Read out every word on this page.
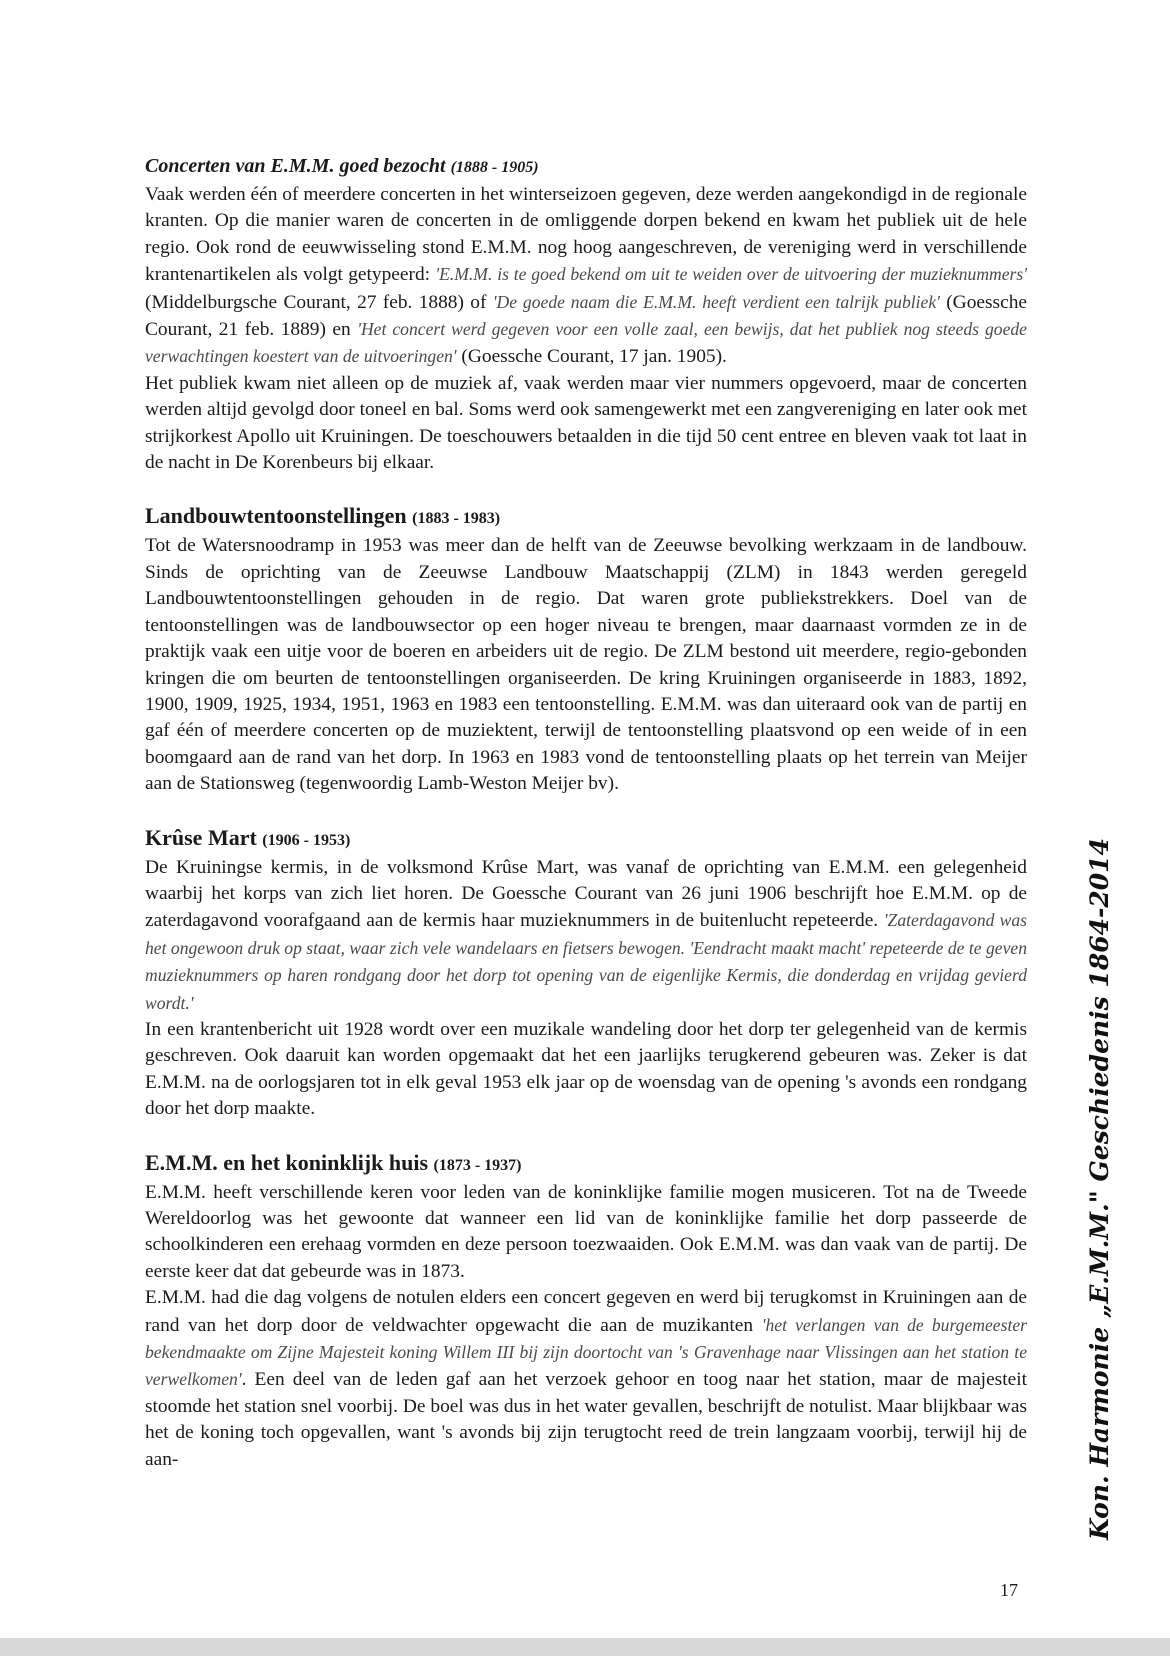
Concerten van E.M.M. goed bezocht (1888 - 1905)

Vaak werden één of meerdere concerten in het winterseizoen gegeven, deze werden aangekondigd in de regionale kranten. Op die manier waren de concerten in de omliggende dorpen bekend en kwam het publiek uit de hele regio. Ook rond de eeuwwisseling stond E.M.M. nog hoog aangeschreven, de vereniging werd in verschillende krantenartikelen als volgt getypeerd: 'E.M.M. is te goed bekend om uit te weiden over de uitvoering der muzieknummers' (Middelburgsche Courant, 27 feb. 1888) of 'De goede naam die E.M.M. heeft verdient een talrijk publiek' (Goessche Courant, 21 feb. 1889) en 'Het concert werd gegeven voor een volle zaal, een bewijs, dat het publiek nog steeds goede verwachtingen koestert van de uitvoeringen' (Goessche Courant, 17 jan. 1905).

Het publiek kwam niet alleen op de muziek af, vaak werden maar vier nummers opgevoerd, maar de concerten werden altijd gevolgd door toneel en bal. Soms werd ook samengewerkt met een zangvereniging en later ook met strijkorkest Apollo uit Kruiningen. De toeschouwers betaalden in die tijd 50 cent entree en bleven vaak tot laat in de nacht in De Korenbeurs bij elkaar.

Landbouwtentoonstellingen (1883 - 1983)

Tot de Watersnoodramp in 1953 was meer dan de helft van de Zeeuwse bevolking werkzaam in de landbouw. Sinds de oprichting van de Zeeuwse Landbouw Maatschappij (ZLM) in 1843 werden geregeld Landbouwtentoonstellingen gehouden in de regio. Dat waren grote publiekstrekkers. Doel van de tentoonstellingen was de landbouwsector op een hoger niveau te brengen, maar daarnaast vormden ze in de praktijk vaak een uitje voor de boeren en arbeiders uit de regio. De ZLM bestond uit meerdere, regio-gebonden kringen die om beurten de tentoonstellingen organiseerden. De kring Kruiningen organiseerde in 1883, 1892, 1900, 1909, 1925, 1934, 1951, 1963 en 1983 een tentoonstelling. E.M.M. was dan uiteraard ook van de partij en gaf één of meerdere concerten op de muziektent, terwijl de tentoonstelling plaatsvond op een weide of in een boomgaard aan de rand van het dorp. In 1963 en 1983 vond de tentoonstelling plaats op het terrein van Meijer aan de Stationsweg (tegenwoordig Lamb-Weston Meijer bv).

Krûse Mart (1906 - 1953)

De Kruiningse kermis, in de volksmond Krûse Mart, was vanaf de oprichting van E.M.M. een gelegenheid waarbij het korps van zich liet horen. De Goessche Courant van 26 juni 1906 beschrijft hoe E.M.M. op de zaterdagavond voorafgaand aan de kermis haar muzieknummers in de buitenlucht repeteerde. 'Zaterdagavond was het ongewoon druk op staat, waar zich vele wandelaars en fietsers bewogen. 'Eendracht maakt macht' repeteerde de te geven muzieknummers op haren rondgang door het dorp tot opening van de eigenlijke Kermis, die donderdag en vrijdag gevierd wordt.'

In een krantenbericht uit 1928 wordt over een muzikale wandeling door het dorp ter gelegenheid van de kermis geschreven. Ook daaruit kan worden opgemaakt dat het een jaarlijks terugkerend gebeuren was. Zeker is dat E.M.M. na de oorlogsjaren tot in elk geval 1953 elk jaar op de woensdag van de opening 's avonds een rondgang door het dorp maakte.

E.M.M. en het koninklijk huis (1873 - 1937)

E.M.M. heeft verschillende keren voor leden van de koninklijke familie mogen musiceren. Tot na de Tweede Wereldoorlog was het gewoonte dat wanneer een lid van de koninklijke familie het dorp passeerde de schoolkinderen een erehaag vormden en deze persoon toezwaaiden. Ook E.M.M. was dan vaak van de partij. De eerste keer dat dat gebeurde was in 1873.

E.M.M. had die dag volgens de notulen elders een concert gegeven en werd bij terugkomst in Kruiningen aan de rand van het dorp door de veldwachter opgewacht die aan de muzikanten 'het verlangen van de burgemeester bekendmaakte om Zijne Majesteit koning Willem III bij zijn doortocht van 's Gravenhage naar Vlissingen aan het station te verwelkomen'. Een deel van de leden gaf aan het verzoek gehoor en toog naar het station, maar de majesteit stoomde het station snel voorbij. De boel was dus in het water gevallen, beschrijft de notulist. Maar blijkbaar was het de koning toch opgevallen, want 's avonds bij zijn terugtocht reed de trein langzaam voorbij, terwijl hij de aan-	Kon. Harmonie „E.M.M." Geschiedenis 1864-2014
17
